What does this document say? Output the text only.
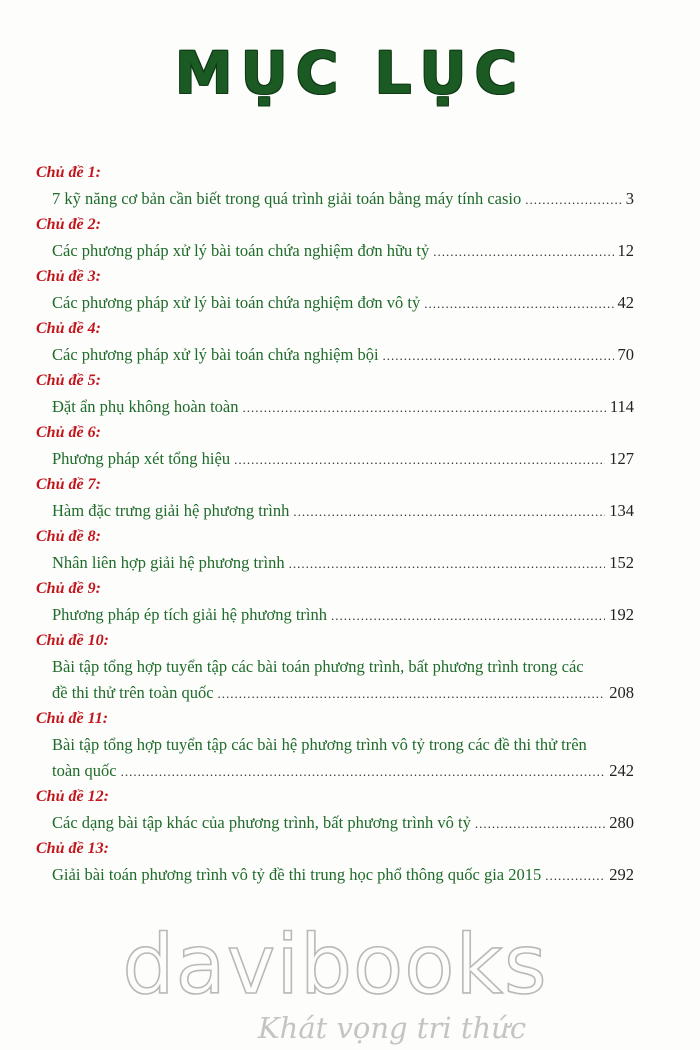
MỤC LỤC
Chủ đề 1:
7 kỹ năng cơ bản cần biết trong quá trình giải toán bằng máy tính casio .....	3
Chủ đề 2:
Các phương pháp xử lý bài toán chứa nghiệm đơn hữu tỷ .....	12
Chủ đề 3:
Các phương pháp xử lý bài toán chứa nghiệm đơn vô tỷ .....	42
Chủ đề 4:
Các phương pháp xử lý bài toán chứa nghiệm bội .....	70
Chủ đề 5:
Đặt ẩn phụ không hoàn toàn .....	114
Chủ đề 6:
Phương pháp xét tổng hiệu .....	127
Chủ đề 7:
Hàm đặc trưng giải hệ phương trình .....	134
Chủ đề 8:
Nhân liên hợp giải hệ phương trình .....	152
Chủ đề 9:
Phương pháp ép tích giải hệ phương trình .....	192
Chủ đề 10:
Bài tập tổng hợp tuyển tập các bài toán phương trình, bất phương trình trong các
đề thi thử trên toàn quốc .....	208
Chủ đề 11:
Bài tập tổng hợp tuyển tập các bài hệ phương trình vô tỷ trong các đề thi thử trên
toàn quốc .....	242
Chủ đề 12:
Các dạng bài tập khác của phương trình, bất phương trình vô tỷ .....	280
Chủ đề 13:
Giải bài toán phương trình vô tỷ đề thi trung học phổ thông quốc gia 2015 .....	292
davibooks
Khát vọng tri thức
